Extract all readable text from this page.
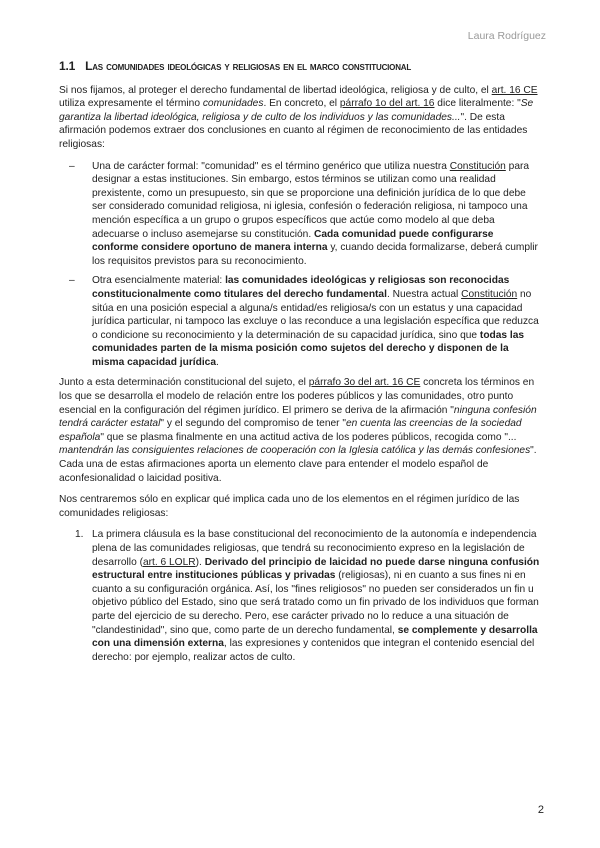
Laura Rodríguez
1.1 Las comunidades ideológicas y religiosas en el marco constitucional

Si nos fijamos, al proteger el derecho fundamental de libertad ideológica, religiosa y de culto, el art. 16 CE utiliza expresamente el término comunidades. En concreto, el párrafo 1o del art. 16 dice literalmente: "Se garantiza la libertad ideológica, religiosa y de culto de los individuos y las comunidades...". De esta afirmación podemos extraer dos conclusiones en cuanto al régimen de reconocimiento de las entidades religiosas:

– Una de carácter formal: "comunidad" es el término genérico que utiliza nuestra Constitución para designar a estas instituciones. Sin embargo, estos términos se utilizan como una realidad prexistente, como un presupuesto, sin que se proporcione una definición jurídica de lo que debe ser considerado comunidad religiosa, ni iglesia, confesión o federación religiosa, ni tampoco una mención específica a un grupo o grupos específicos que actúe como modelo al que deba adecuarse o incluso asemejarse su constitución. Cada comunidad puede configurarse conforme considere oportuno de manera interna y, cuando decida formalizarse, deberá cumplir los requisitos previstos para su reconocimiento.
– Otra esencialmente material: las comunidades ideológicas y religiosas son reconocidas constitucionalmente como titulares del derecho fundamental. Nuestra actual Constitución no sitúa en una posición especial a alguna/s entidad/es religiosa/s con un estatus y una capacidad jurídica particular, ni tampoco las excluye o las reconduce a una legislación específica que reduzca o condicione su reconocimiento y la determinación de su capacidad jurídica, sino que todas las comunidades parten de la misma posición como sujetos del derecho y disponen de la misma capacidad jurídica.

Junto a esta determinación constitucional del sujeto, el párrafo 3o del art. 16 CE concreta los términos en los que se desarrolla el modelo de relación entre los poderes públicos y las comunidades, otro punto esencial en la configuración del régimen jurídico. El primero se deriva de la afirmación "ninguna confesión tendrá carácter estatal" y el segundo del compromiso de tener "en cuenta las creencias de la sociedad española" que se plasma finalmente en una actitud activa de los poderes públicos, recogida como "... mantendrán las consiguientes relaciones de cooperación con la Iglesia católica y las demás confesiones". Cada una de estas afirmaciones aporta un elemento clave para entender el modelo español de aconfesionalidad o laicidad positiva.

Nos centraremos sólo en explicar qué implica cada uno de los elementos en el régimen jurídico de las comunidades religiosas:

1. La primera cláusula es la base constitucional del reconocimiento de la autonomía e independencia plena de las comunidades religiosas, que tendrá su reconocimiento expreso en la legislación de desarrollo (art. 6 LOLR). Derivado del principio de laicidad no puede darse ninguna confusión estructural entre instituciones públicas y privadas (religiosas), ni en cuanto a sus fines ni en cuanto a su configuración orgánica. Así, los "fines religiosos" no pueden ser considerados un fin u objetivo público del Estado, sino que será tratado como un fin privado de los individuos que forman parte del ejercicio de su derecho. Pero, ese carácter privado no lo reduce a una situación de "clandestinidad", sino que, como parte de un derecho fundamental, se complemente y desarrolla con una dimensión externa, las expresiones y contenidos que integran el contenido esencial del derecho: por ejemplo, realizar actos de culto.
2
